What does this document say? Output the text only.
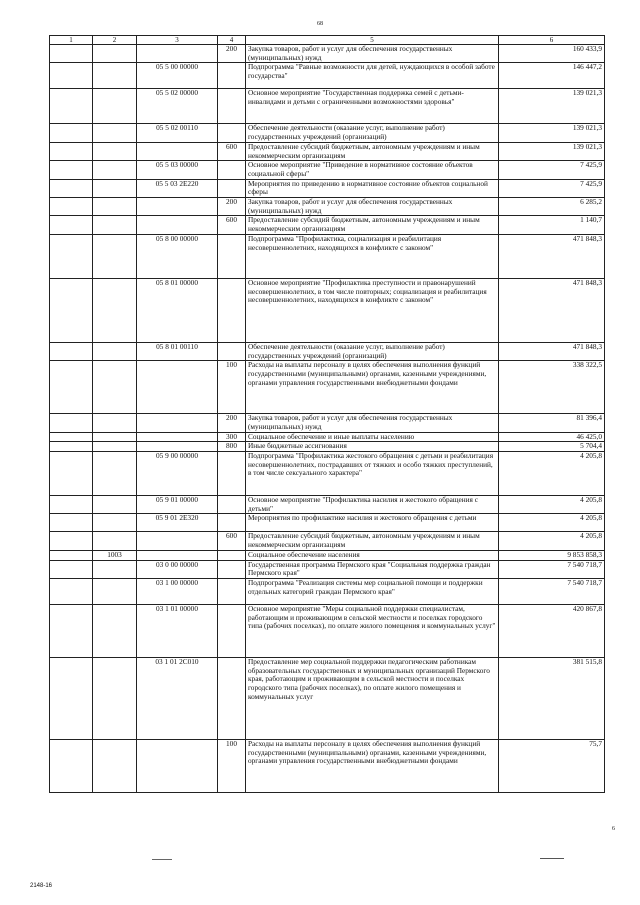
68
1	2	3	4	5	6
			200	Закупка товаров, работ и услуг для обеспечения государственных (муниципальных) нужд	160 433,9
		05 5 00 00000		Подпрограмма "Равные возможности для детей, нуждающихся в особой заботе государства"	146 447,2
		05 5 02 00000		Основное мероприятие "Государственная поддержка семей с детьми-инвалидами и детьми с ограниченными возможностями здоровья"	139 021,3
		05 5 02 00110		Обеспечение деятельности (оказание услуг, выполнение работ) государственных учреждений (организаций)	139 021,3
			600	Предоставление субсидий бюджетным, автономным учреждениям и иным некоммерческим организациям	139 021,3
		05 5 03 00000		Основное мероприятие "Приведение в нормативное состояние объектов социальной сферы"	7 425,9
		05 5 03 2Е220		Мероприятия по приведению в нормативное состояние объектов социальной сферы	7 425,9
			200	Закупка товаров, работ и услуг для обеспечения государственных (муниципальных) нужд	6 285,2
			600	Предоставление субсидий бюджетным, автономным учреждениям и иным некоммерческим организациям	1 140,7
		05 8 00 00000		Подпрограмма "Профилактика, социализация и реабилитация несовершеннолетних, находящихся в конфликте с законом"	471 848,3
		05 8 01 00000		Основное мероприятие "Профилактика преступности и правонарушений несовершеннолетних, в том числе повторных; социализация и реабилитация несовершеннолетних, находящихся в конфликте с законом"	471 848,3
		05 8 01 00110		Обеспечение деятельности (оказание услуг, выполнение работ) государственных учреждений (организаций)	471 848,3
			100	Расходы на выплаты персоналу в целях обеспечения выполнения функций государственными (муниципальными) органами, казенными учреждениями, органами управления государственными внебюджетными фондами	338 322,5
			200	Закупка товаров, работ и услуг для обеспечения государственных (муниципальных) нужд	81 396,4
			300	Социальное обеспечение и иные выплаты населению	46 425,0
			800	Иные бюджетные ассигнования	5 704,4
		05 9 00 00000		Подпрограмма "Профилактика жестокого обращения с детьми и реабилитация несовершеннолетних, пострадавших от тяжких и особо тяжких преступлений, в том числе сексуального характера"	4 205,8
		05 9 01 00000		Основное мероприятие "Профилактика насилия и жестокого обращения с детьми"	4 205,8
		05 9 01 2Е320		Мероприятия по профилактике насилия и жестокого обращения с детьми	4 205,8
			600	Предоставление субсидий бюджетным, автономным учреждениям и иным некоммерческим организациям	4 205,8
	1003			Социальное обеспечение населения	9 853 858,3
		03 0 00 00000		Государственная программа Пермского края "Социальная поддержка граждан Пермского края"	7 540 718,7
		03 1 00 00000		Подпрограмма "Реализация системы мер социальной помощи и поддержки отдельных категорий граждан Пермского края"	7 540 718,7
		03 1 01 00000		Основное мероприятие "Меры социальной поддержки специалистам, работающим и проживающим в сельской местности и поселках городского типа (рабочих поселках), по оплате жилого помещения и коммунальных услуг"	420 867,8
		03 1 01 2С010		Предоставление мер социальной поддержки педагогическим работникам образовательных государственных и муниципальных организаций Пермского края, работающим и проживающим в сельской местности и поселках городского типа (рабочих поселках), по оплате жилого помещения и коммунальных услуг	381 515,8
			100	Расходы на выплаты персоналу в целях обеспечения выполнения функций государственными (муниципальными) органами, казенными учреждениями, органами управления государственными внебюджетными фондами	75,7
6
2148-16
